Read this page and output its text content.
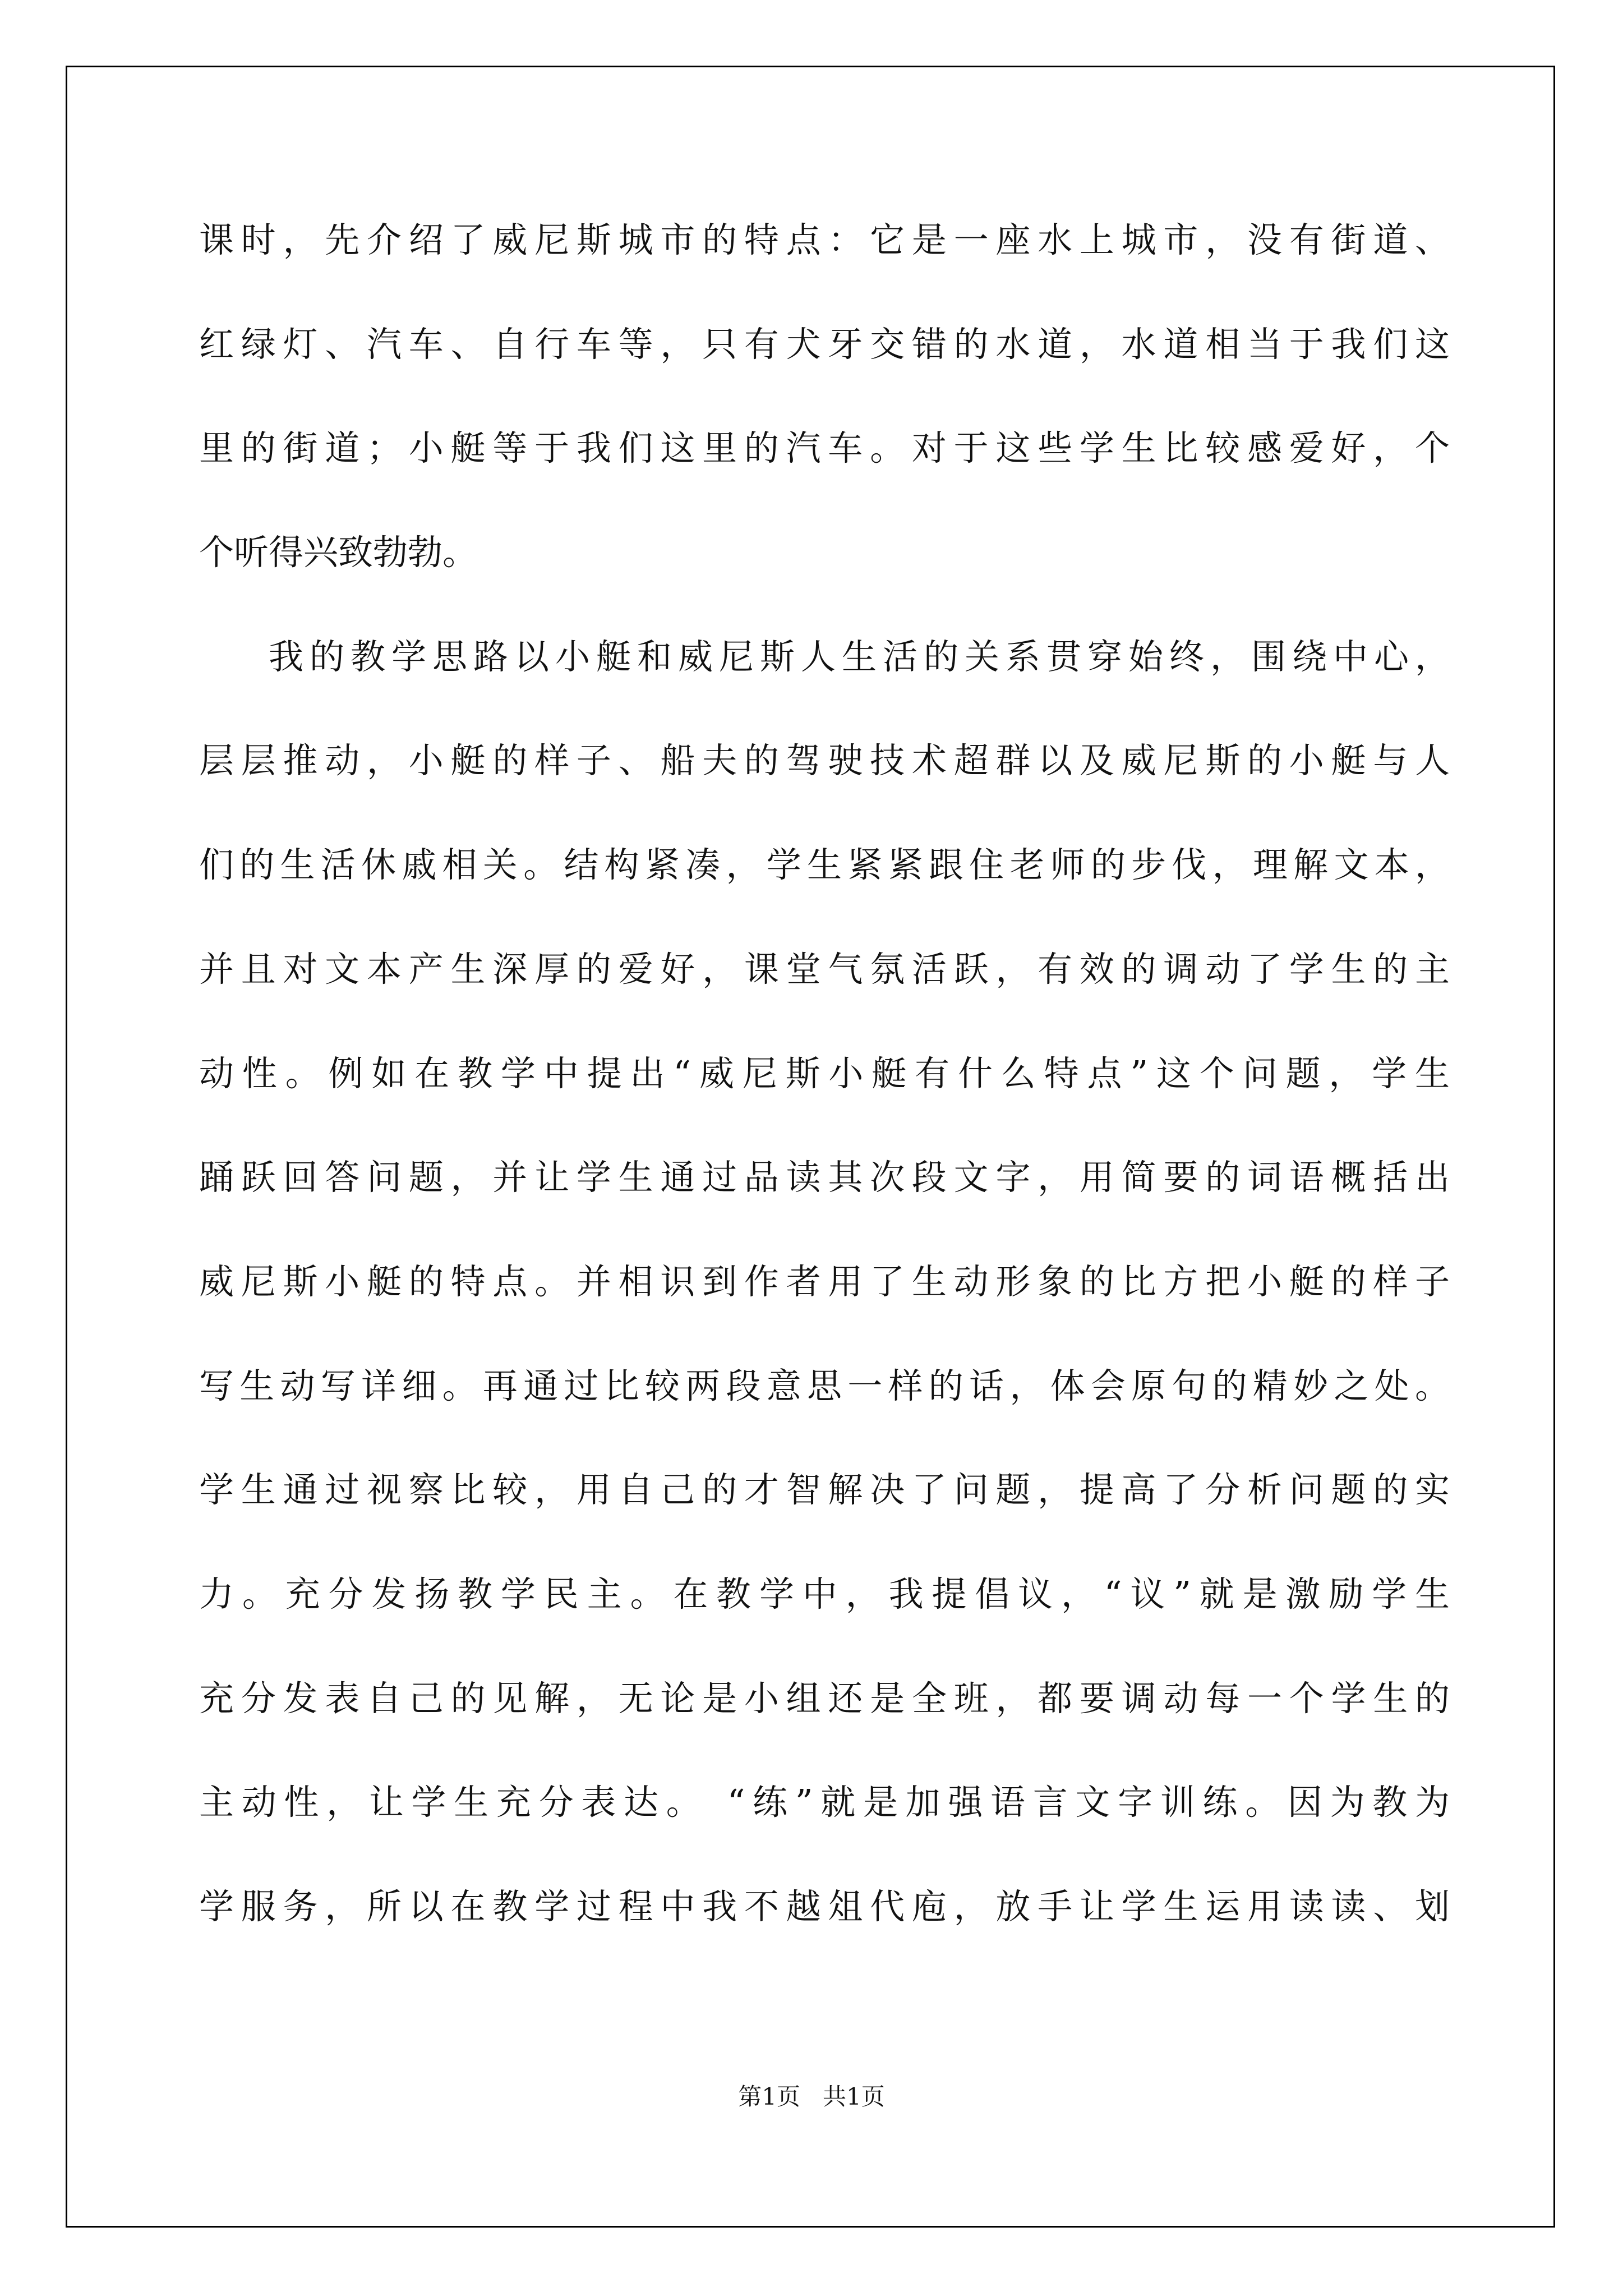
课时，先介绍了威尼斯城市的特点：它是一座水上城市，没有街道、
红绿灯、汽车、自行车等，只有犬牙交错的水道，水道相当于我们这
里的街道；小艇等于我们这里的汽车。对于这些学生比较感爱好，个
个听得兴致勃勃。
我的教学思路以小艇和威尼斯人生活的关系贯穿始终，围绕中心，
层层推动，小艇的样子、船夫的驾驶技术超群以及威尼斯的小艇与人
们的生活休戚相关。结构紧凑，学生紧紧跟住老师的步伐，理解文本，
并且对文本产生深厚的爱好，课堂气氛活跃，有效的调动了学生的主
动性。例如在教学中提出“威尼斯小艇有什么特点”这个问题，学生
踊跃回答问题，并让学生通过品读其次段文字，用简要的词语概括出
威尼斯小艇的特点。并相识到作者用了生动形象的比方把小艇的样子
写生动写详细。再通过比较两段意思一样的话，体会原句的精妙之处。
学生通过视察比较，用自己的才智解决了问题，提高了分析问题的实
力。充分发扬教学民主。在教学中，我提倡议，“议”就是激励学生
充分发表自己的见解，无论是小组还是全班，都要调动每一个学生的
主动性，让学生充分表达。 “练”就是加强语言文字训练。因为教为
学服务，所以在教学过程中我不越俎代庖，放手让学生运用读读、划
第1页 共1页
